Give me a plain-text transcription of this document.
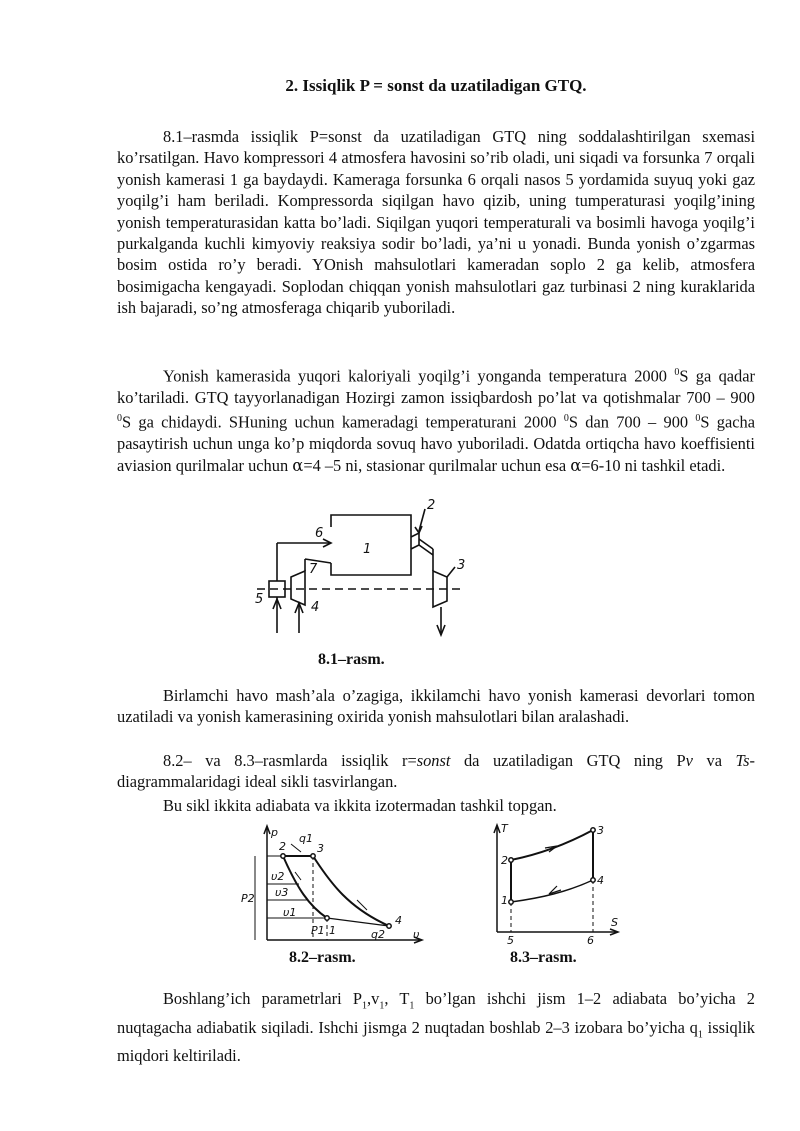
2. Issiqlik P = sonst da uzatiladigan GTQ.

8.1–rasmda issiqlik P=sonst da uzatiladigan GTQ ning soddalashtirilgan sxemasi ko’rsatilgan. Havo kompressori 4 atmosfera havosini so’rib oladi, uni siqadi va forsunka 7 orqali yonish kamerasi 1 ga baydaydi. Kameraga forsunka 6 orqali nasos 5 yordamida suyuq yoki gaz yoqilg’i ham beriladi. Kompressorda siqilgan havo qizib, uning tumperaturasi yoqilg’ining yonish temperaturasidan katta bo’ladi. Siqilgan yuqori temperaturali va bosimli havoga yoqilg’i purkalganda kuchli kimyoviy reaksiya sodir bo’ladi, ya’ni u yonadi. Bunda yonish o’zgarmas bosim ostida ro’y beradi. YOnish mahsulotlari kameradan soplo 2 ga kelib, atmosfera bosimigacha kengayadi. Soplodan chiqqan yonish mahsulotlari gaz turbinasi 2 ning kuraklarida ish bajaradi, so’ng atmosferaga chiqarib yuboriladi.

Yonish kamerasida yuqori kaloriyali yoqilg’i yonganda temperatura 2000 $^0$S ga qadar ko’tariladi. GTQ tayyorlanadigan Hozirgi zamon issiqbardosh po’lat va qotishmalar 700 – 900 $^0$S ga chidaydi. SHuning uchun kameradagi temperaturani 2000 $^0$S dan 700 – 900 $^0$S gacha pasaytirish uchun unga ko’p miqdorda sovuq havo yuboriladi. Odatda ortiqcha havo koeffisienti aviasion qurilmalar uchun α=4 –5 ni, stasionar qurilmalar uchun esa α=6-10 ni tashkil etadi.

6
1
2
3
4
5
7
8.1–rasm.

Birlamchi havo mash’ala o’zagiga, ikkilamchi havo yonish kamerasi devorlari tomon uzatiladi va yonish kamerasining oxirida yonish mahsulotlari bilan aralashadi.

8.2– va 8.3–rasmlarda issiqlik r=sonst da uzatiladigan GTQ ning Pv va Ts-diagrammalaridagi ideal sikli tasvirlangan.

Bu sikl ikkita adiabata va ikkita izotermadan tashkil topgan.

p
υ
q1
q2
P2
P1
υ1
υ2
υ3
1
2	3
4
T
S
1
2
3
4
5	6
8.2–rasm.	8.3–rasm.

Boshlang’ich parametrlari $P_1,v_1$, $T_1$ bo’lgan ishchi jism 1–2 adiabata bo’yicha 2 nuqtagacha adiabatik siqiladi. Ishchi jismga 2 nuqtadan boshlab 2–3 izobara bo’yicha $q_1$ issiqlik miqdori keltiriladi.
